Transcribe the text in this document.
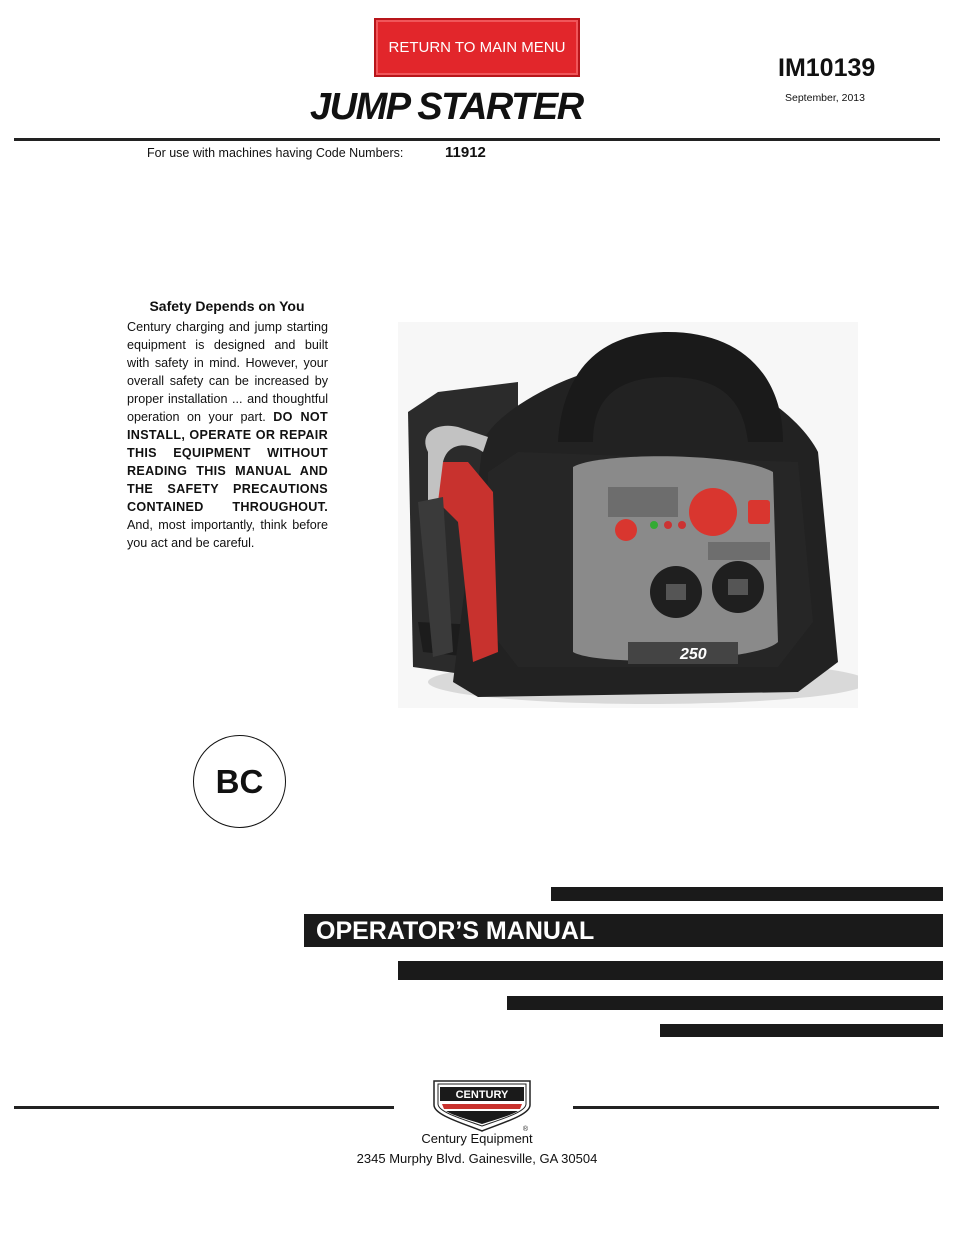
RETURN TO MAIN MENU
IM10139
September, 2013
JUMP STARTER
For use with machines having Code Numbers:	11912
Safety Depends on You
Century charging and jump starting equipment is designed and built with safety in mind. However, your overall safety can be increased by proper installation ... and thoughtful operation on your part. DO NOT INSTALL, OPERATE OR REPAIR THIS EQUIPMENT WITHOUT READING THIS MANUAL AND THE SAFETY PRECAUTIONS CONTAINED THROUGHOUT. And, most importantly, think before you act and be careful.
250
BC
OPERATOR’S MANUAL
CENTURY
®
Century Equipment
2345 Murphy Blvd. Gainesville, GA 30504
